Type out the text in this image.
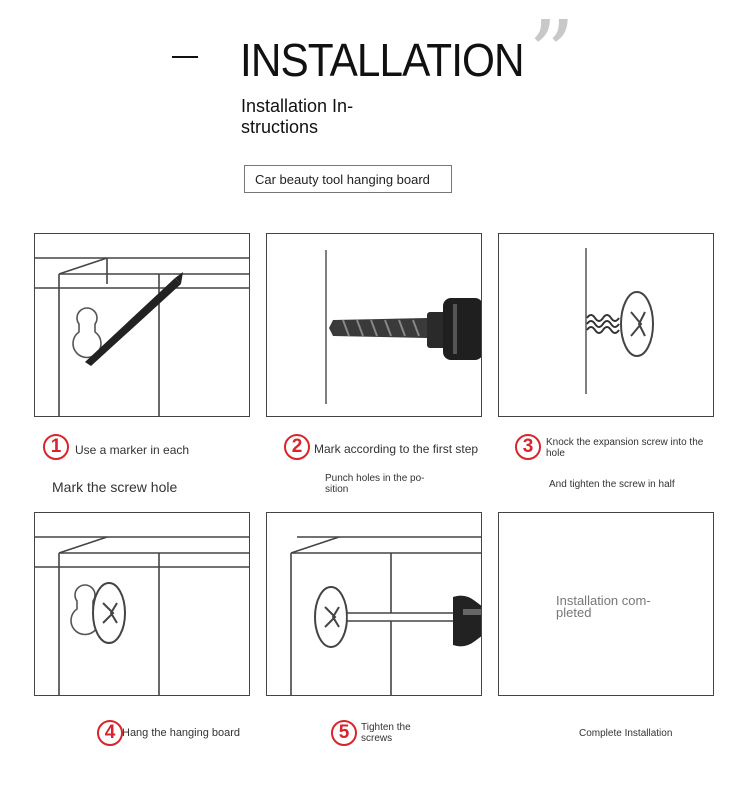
INSTALLATION ”
Installation In-structions
Car beauty tool hanging board
Installation com-pleted
1	Use a marker in each
Mark the screw hole
2 Mark according to the first step
Punch holes in the po-sition
3	Knock the expansion screw into the hole
And tighten the screw in half
4 Hang the hanging board	5	Tighten the screws	Complete Installation
